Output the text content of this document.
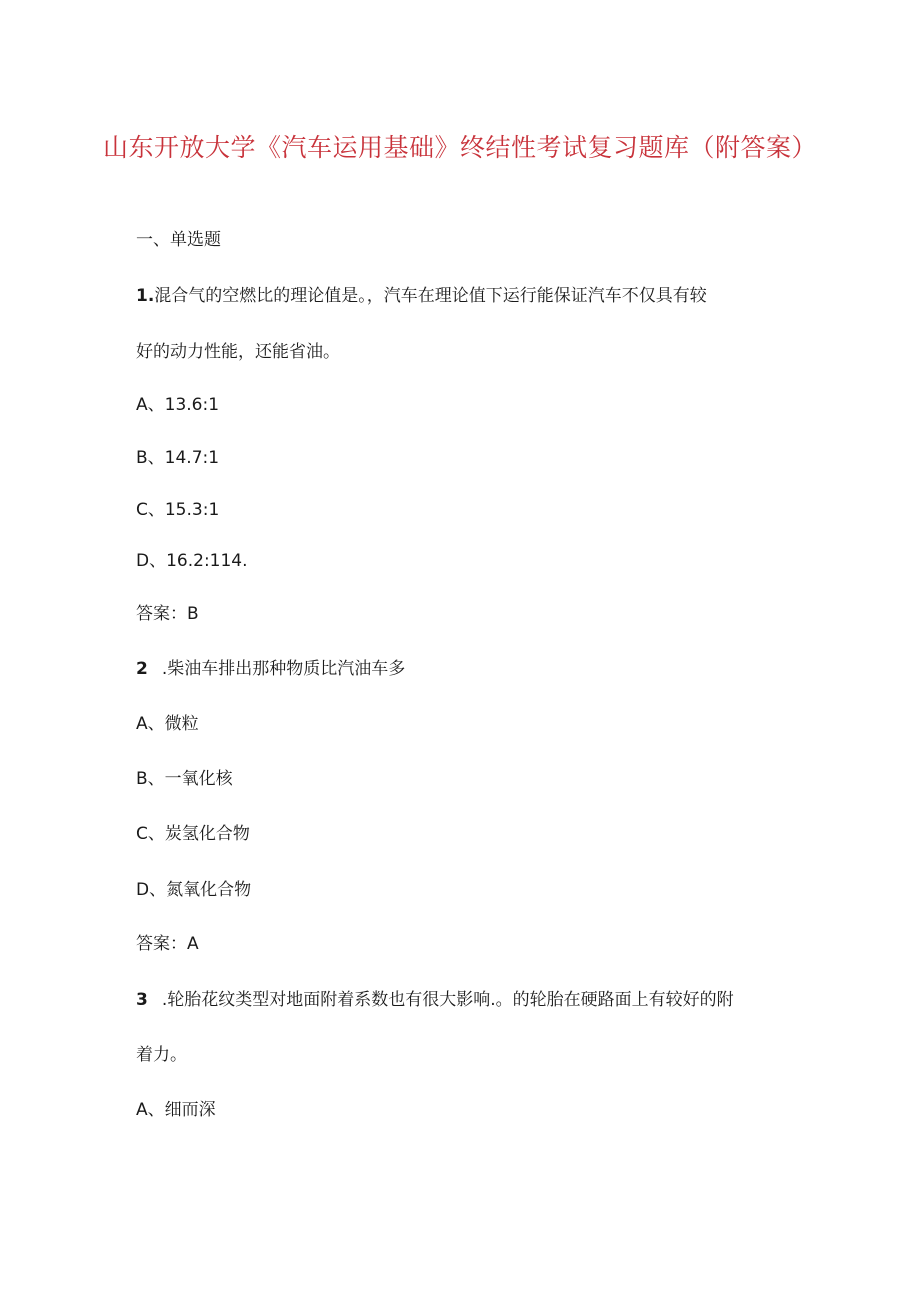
山东开放大学《汽车运用基础》终结性考试复习题库（附答案）
一、单选题
1.混合气的空燃比的理论值是。，汽车在理论值下运行能保证汽车不仅具有较
好的动力性能，还能省油。
A、13.6:1
B、14.7:1
C、15.3:1
D、16.2:114.
答案：B
2 .柴油车排出那种物质比汽油车多
A、微粒
B、一氧化核
C、炭氢化合物
D、氮氧化合物
答案：A
3 .轮胎花纹类型对地面附着系数也有很大影响.。的轮胎在硬路面上有较好的附
着力。
A、细而深
